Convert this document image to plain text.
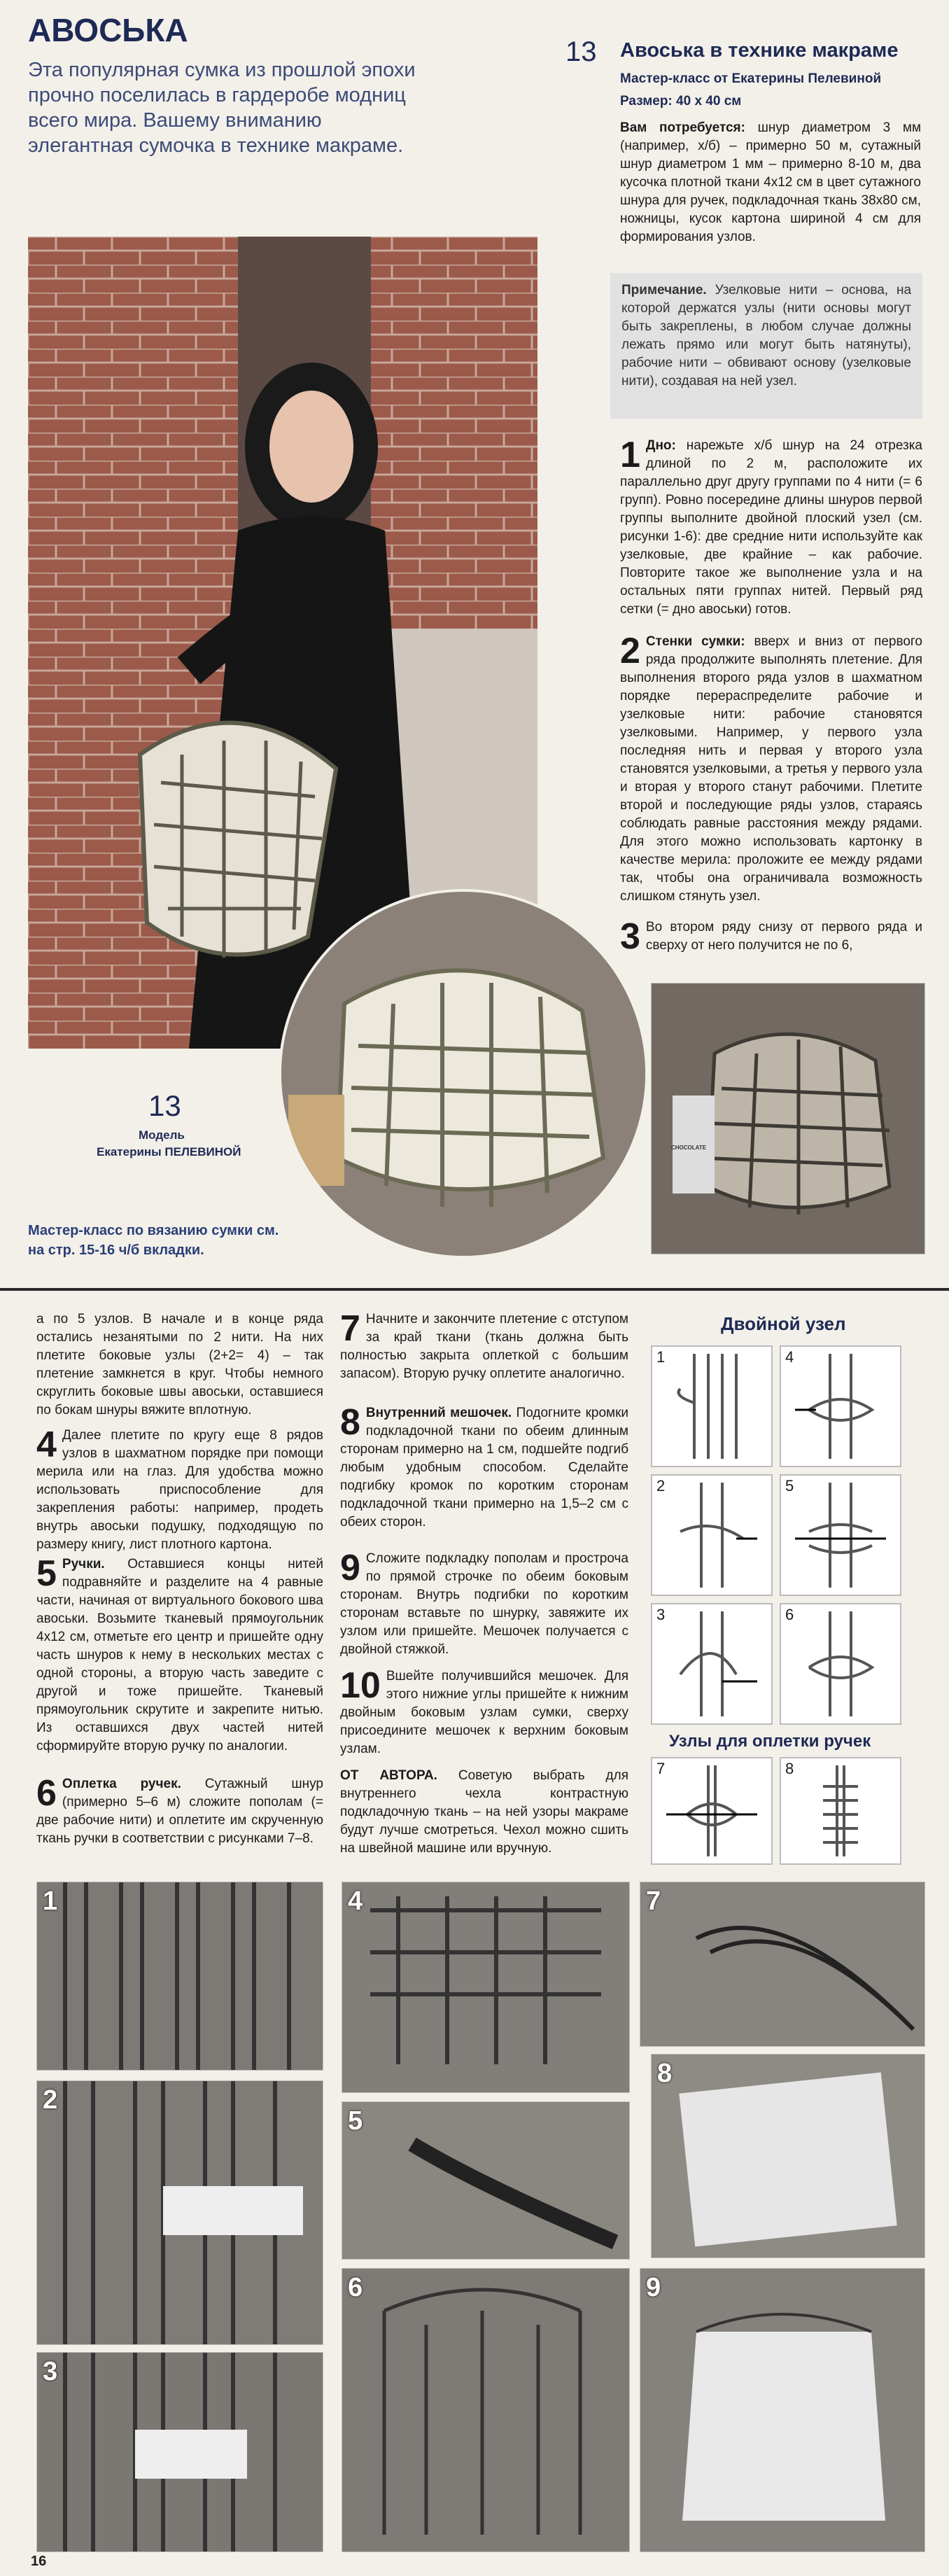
АВОСЬКА

Эта популярная сумка из прошлой эпохи прочно поселилась в гардеробе модниц всего мира. Вашему вниманию элегантная сумочка в технике макраме.

13
Модель
Екатерины ПЕЛЕВИНОЙ

Мастер-класс по вязанию сумки см. на стр. 15-16 ч/б вкладки.

13 Авоська в технике макраме
Мастер-класс от Екатерины Пелевиной
Размер: 40 x 40 см

Вам потребуется: шнур диаметром 3 мм (например, х/б) – примерно 50 м, сутажный шнур диаметром 1 мм – примерно 8-10 м, два кусочка плотной ткани 4х12 см в цвет сутажного шнура для ручек, подкладочная ткань 38х80 см, ножницы, кусок картона шириной 4 см для формирования узлов.

Примечание. Узелковые нити – основа, на которой держатся узлы (нити основы могут быть закреплены, в любом случае должны лежать прямо или могут быть натянуты), рабочие нити – обвивают основу (узелковые нити), создавая на ней узел.

1 Дно: нарежьте х/б шнур на 24 отрезка длиной по 2 м, расположите их параллельно друг другу группами по 4 нити (= 6 групп). Ровно посередине длины шнуров первой группы выполните двойной плоский узел (см. рисунки 1-6): две средние нити используйте как узелковые, две крайние – как рабочие. Повторите такое же выполнение узла и на остальных пяти группах нитей. Первый ряд сетки (= дно авоськи) готов.
2 Стенки сумки: вверх и вниз от первого ряда продолжите выполнять плетение. Для выполнения второго ряда узлов в шахматном порядке перераспределите рабочие и узелковые нити: рабочие становятся узелковыми. Например, у первого узла последняя нить и первая у второго узла становятся узелковыми, а третья у первого узла и вторая у второго станут рабочими. Плетите второй и последующие ряды узлов, стараясь соблюдать равные расстояния между рядами. Для этого можно использовать картонку в качестве мерила: проложите ее между рядами так, чтобы она ограничивала возможность слишком стянуть узел.
3 Во втором ряду снизу от первого ряда и сверху от него получится не по 6,
CHOCOLATE

а по 5 узлов. В начале и в конце ряда остались незанятыми по 2 нити. На них плетите боковые узлы (2+2= 4) – так плетение замкнется в круг. Чтобы немного скруглить боковые швы авоськи, оставшиеся по бокам шнуры вяжите вплотную.

4 Далее плетите по кругу еще 8 рядов узлов в шахматном порядке при помощи мерила или на глаз. Для удобства можно использовать приспособление для закрепления работы: например, продеть внутрь авоськи подушку, подходящую по размеру книгу, лист плотного картона.
5 Ручки. Оставшиеся концы нитей подравняйте и разделите на 4 равные части, начиная от виртуального бокового шва авоськи. Возьмите тканевый прямоугольник 4х12 см, отметьте его центр и пришейте одну часть шнуров к нему в нескольких местах с одной стороны, а вторую часть заведите с другой и тоже пришейте. Тканевый прямоугольник скрутите и закрепите нитью. Из оставшихся двух частей нитей сформируйте вторую ручку по аналогии.
6 Оплетка ручек. Сутажный шнур (примерно 5–6 м) сложите пополам (= две рабочие нити) и оплетите им скрученную ткань ручки в соответствии с рисунками 7–8.
7 Начните и закончите плетение с отступом за край ткани (ткань должна быть полностью закрыта оплеткой с большим запасом). Вторую ручку оплетите аналогично.
8 Внутренний мешочек. Подогните кромки подкладочной ткани по обеим длинным сторонам примерно на 1 см, подшейте подгиб любым удобным способом. Сделайте подгибку кромок по коротким сторонам подкладочной ткани примерно на 1,5–2 см с обеих сторон.
9 Сложите подкладку пополам и простроча по прямой строчке по обеим боковым сторонам. Внутрь подгибки по коротким сторонам вставьте по шнурку, завяжите их узлом или пришейте. Мешочек получается с двойной стяжкой.
10 Вшейте получившийся мешочек. Для этого нижние углы пришейте к нижним двойным боковым узлам сумки, сверху присоедините мешочек к верхним боковым узлам.

ОТ АВТОРА. Советую выбрать для внутреннего чехла контрастную подкладочную ткань – на ней узоры макраме будут лучше смотреться. Чехол можно сшить на швейной машине или вручную.

Двойной узел
1	4
2	5
3	6
Узлы для оплетки ручек
7	8
1
2
3
4
5
6
7
8
9
16
